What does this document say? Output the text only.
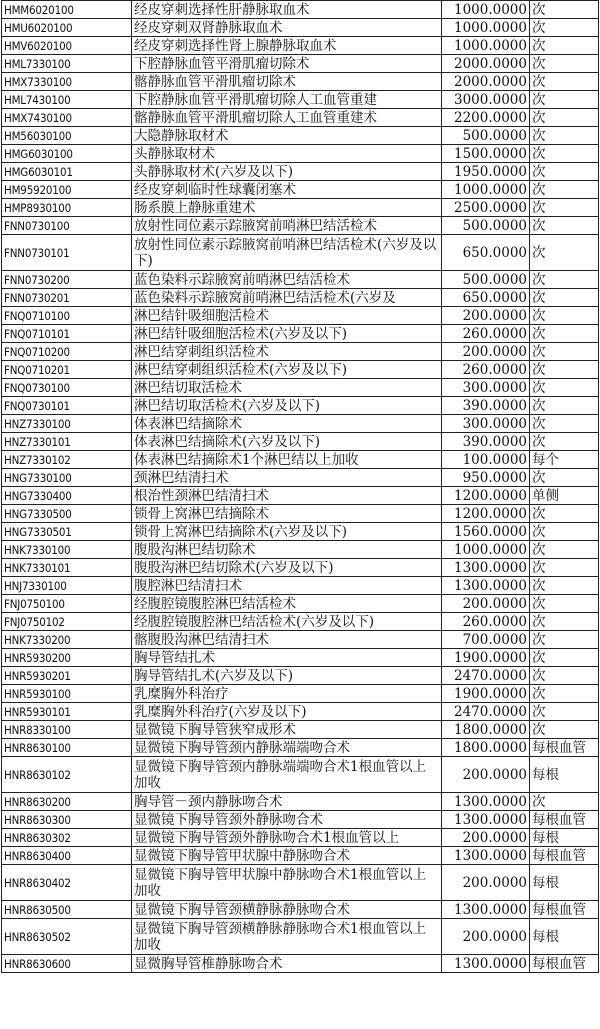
HMM6020100	经皮穿刺选择性肝静脉取血术	1000.0000	次
HMU6020100	经皮穿刺双肾静脉取血术	1000.0000	次
HMV6020100	经皮穿刺选择性肾上腺静脉取血术	1000.0000	次
HML7330100	下腔静脉血管平滑肌瘤切除术	2000.0000	次
HMX7330100	髂静脉血管平滑肌瘤切除术	2000.0000	次
HML7430100	下腔静脉血管平滑肌瘤切除人工血管重建	3000.0000	次
HMX7430100	髂静脉血管平滑肌瘤切除人工血管重建术	2200.0000	次
HM56030100	大隐静脉取材术	500.0000	次
HMG6030100	头静脉取材术	1500.0000	次
HMG6030101	头静脉取材术(六岁及以下)	1950.0000	次
HM95920100	经皮穿刺临时性球囊闭塞术	1000.0000	次
HMP8930100	肠系膜上静脉重建术	2500.0000	次
FNN0730100	放射性同位素示踪腋窝前哨淋巴结活检术	500.0000	次
FNN0730101	放射性同位素示踪腋窝前哨淋巴结活检术(六岁及以下)	650.0000	次
FNN0730200	蓝色染料示踪腋窝前哨淋巴结活检术	500.0000	次
FNN0730201	蓝色染料示踪腋窝前哨淋巴结活检术(六岁及	650.0000	次
FNQ0710100	淋巴结针吸细胞活检术	200.0000	次
FNQ0710101	淋巴结针吸细胞活检术(六岁及以下)	260.0000	次
FNQ0710200	淋巴结穿刺组织活检术	200.0000	次
FNQ0710201	淋巴结穿刺组织活检术(六岁及以下)	260.0000	次
FNQ0730100	淋巴结切取活检术	300.0000	次
FNQ0730101	淋巴结切取活检术(六岁及以下)	390.0000	次
HNZ7330100	体表淋巴结摘除术	300.0000	次
HNZ7330101	体表淋巴结摘除术(六岁及以下)	390.0000	次
HNZ7330102	体表淋巴结摘除术1个淋巴结以上加收	100.0000	每个
HNG7330100	颈淋巴结清扫术	950.0000	次
HNG7330400	根治性颈淋巴结清扫术	1200.0000	单侧
HNG7330500	锁骨上窝淋巴结摘除术	1200.0000	次
HNG7330501	锁骨上窝淋巴结摘除术(六岁及以下)	1560.0000	次
HNK7330100	腹股沟淋巴结切除术	1000.0000	次
HNK7330101	腹股沟淋巴结切除术(六岁及以下)	1300.0000	次
HNJ7330100	腹腔淋巴结清扫术	1300.0000	次
FNJ0750100	经腹腔镜腹腔淋巴结活检术	200.0000	次
FNJ0750102	经腹腔镜腹腔淋巴结活检术(六岁及以下)	260.0000	次
HNK7330200	髂腹股沟淋巴结清扫术	700.0000	次
HNR5930200	胸导管结扎术	1900.0000	次
HNR5930201	胸导管结扎术(六岁及以下)	2470.0000	次
HNR5930100	乳糜胸外科治疗	1900.0000	次
HNR5930101	乳糜胸外科治疗(六岁及以下)	2470.0000	次
HNR8330100	显微镜下胸导管狭窄成形术	1800.0000	次
HNR8630100	显微镜下胸导管颈内静脉端端吻合术	1800.0000	每根血管
HNR8630102	显微镜下胸导管颈内静脉端端吻合术1根血管以上加收	200.0000	每根
HNR8630200	胸导管－颈内静脉吻合术	1300.0000	次
HNR8630300	显微镜下胸导管颈外静脉吻合术	1300.0000	每根血管
HNR8630302	显微镜下胸导管颈外静脉吻合术1根血管以上	200.0000	每根
HNR8630400	显微镜下胸导管甲状腺中静脉吻合术	1300.0000	每根血管
HNR8630402	显微镜下胸导管甲状腺中静脉吻合术1根血管以上加收	200.0000	每根
HNR8630500	显微镜下胸导管颈横静脉静脉吻合术	1300.0000	每根血管
HNR8630502	显微镜下胸导管颈横静脉静脉吻合术1根血管以上加收	200.0000	每根
HNR8630600	显微胸导管椎静脉吻合术	1300.0000	每根血管
